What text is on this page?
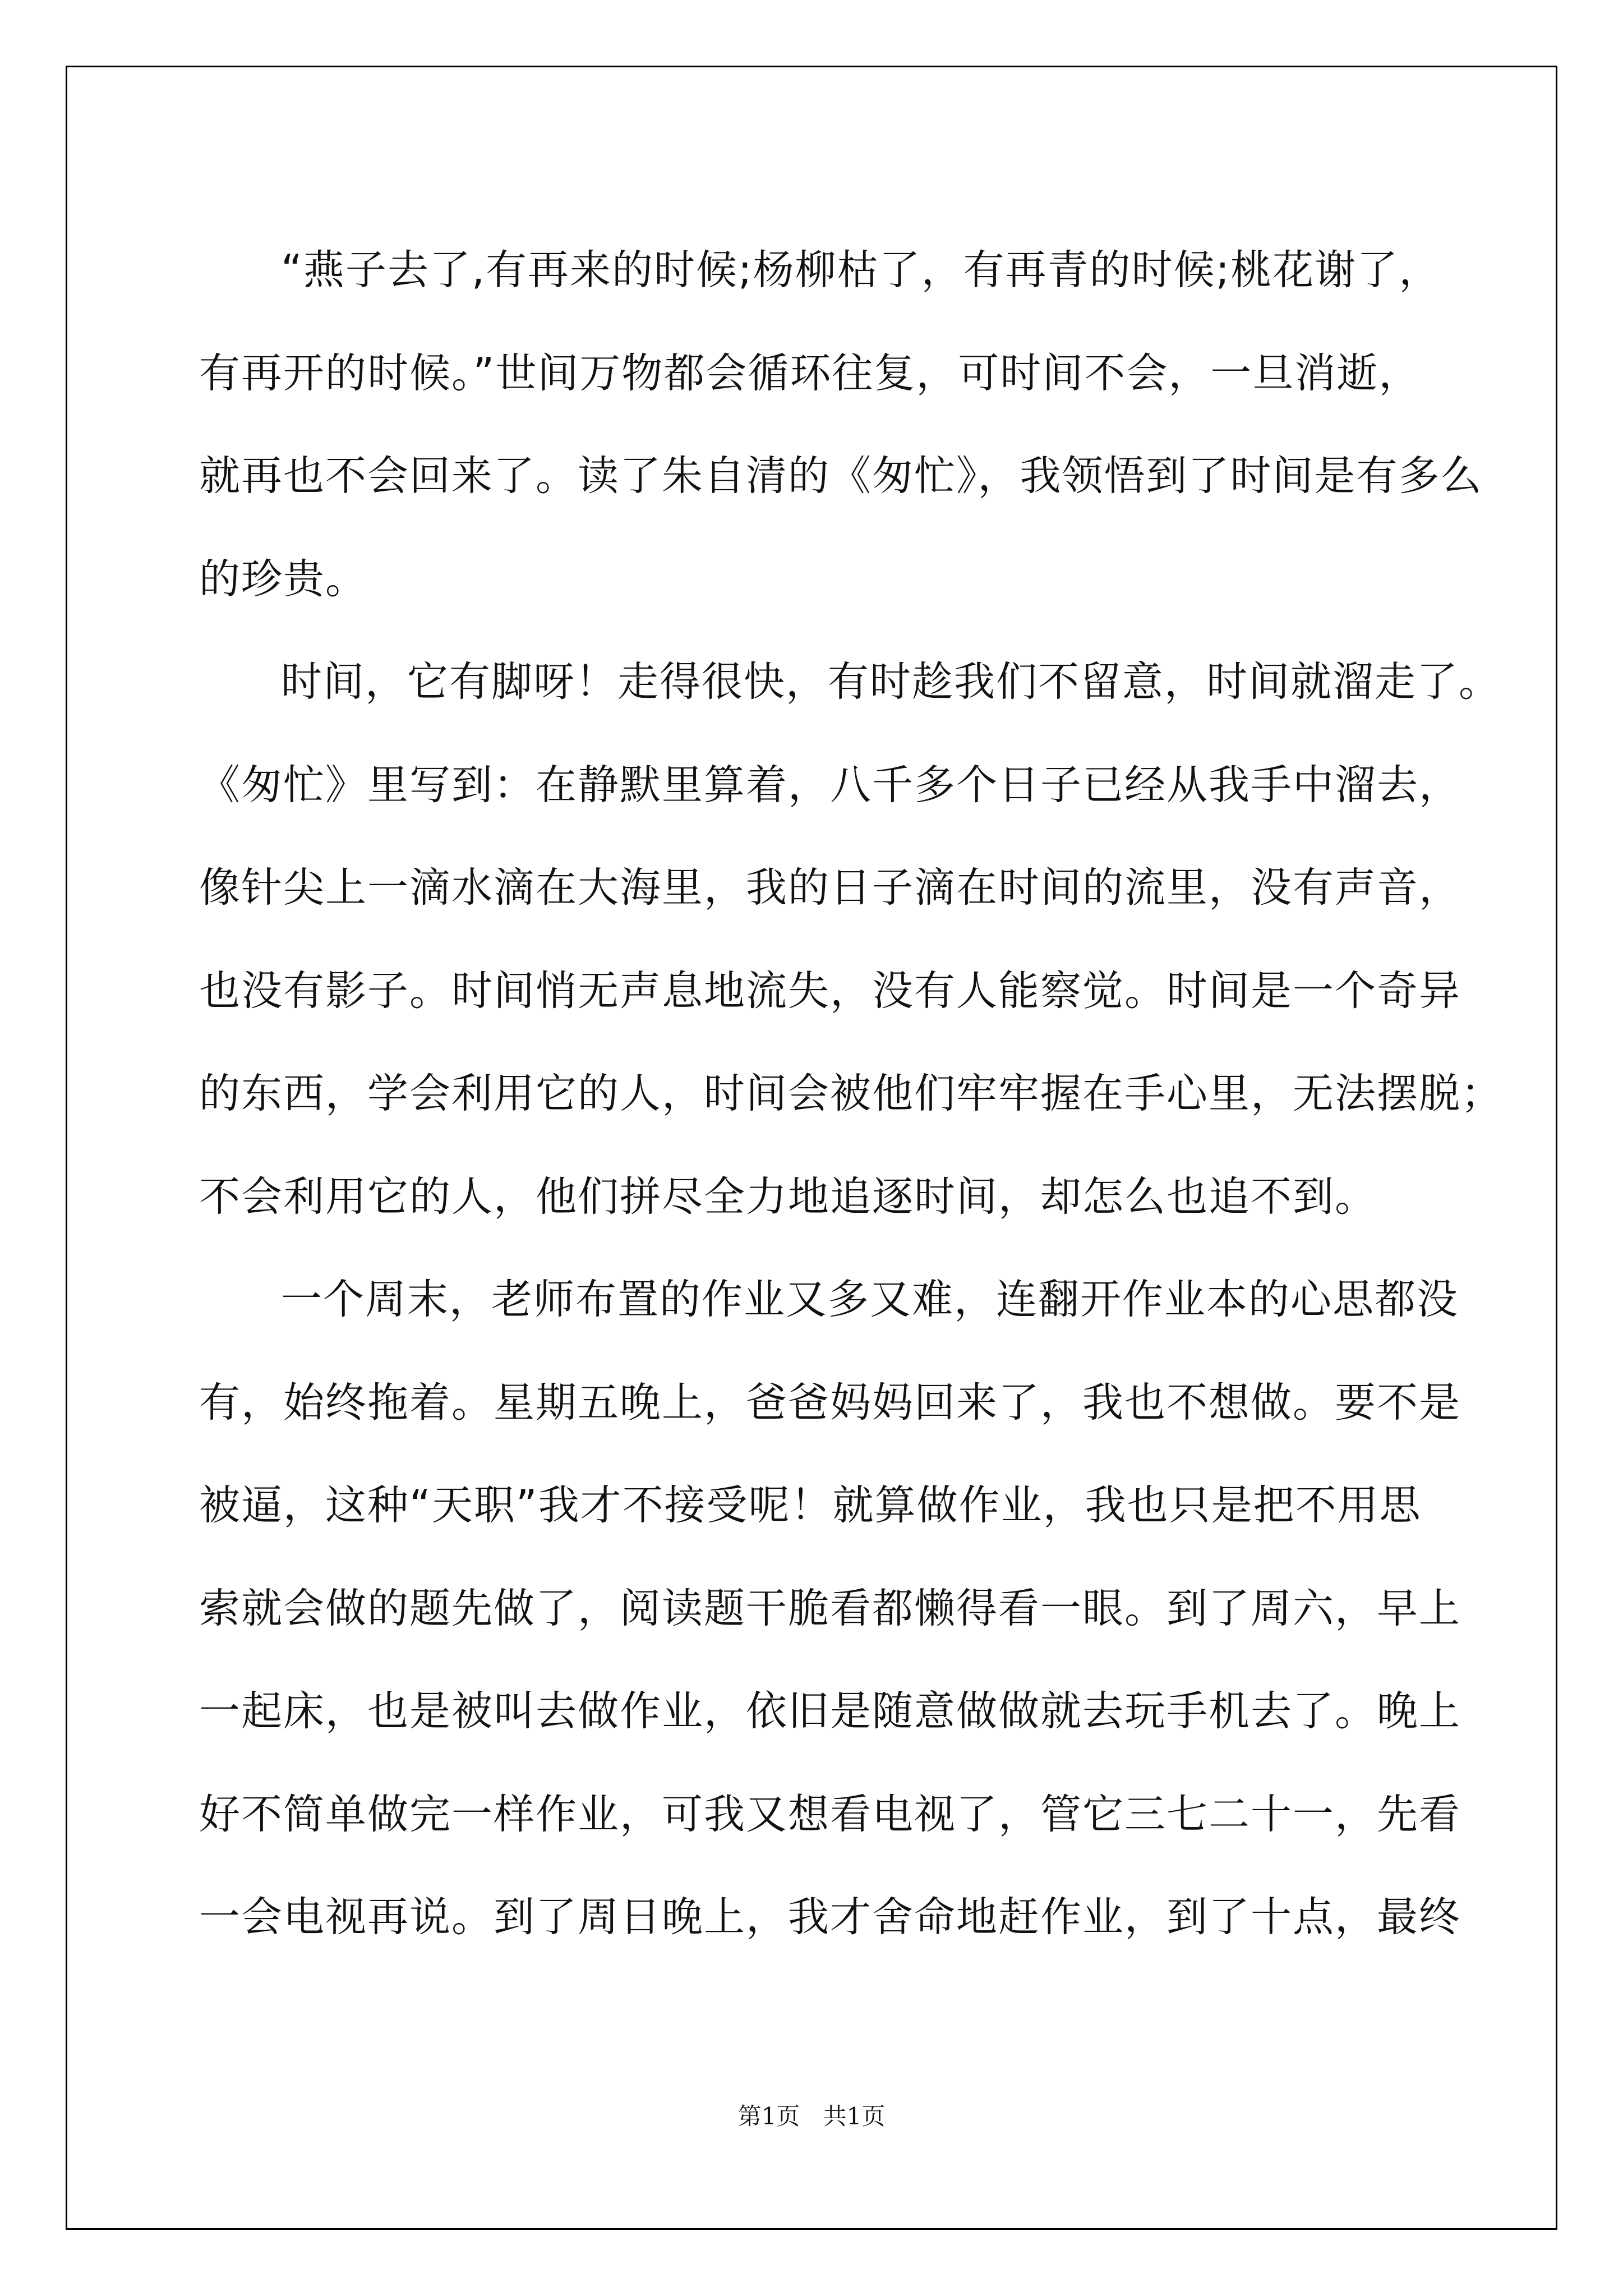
“燕子去了,有再来的时候;杨柳枯了，有再青的时候;桃花谢了，
有再开的时候。”世间万物都会循环往复，可时间不会，一旦消逝，
就再也不会回来了。读了朱自清的《匆忙》，我领悟到了时间是有多么
的珍贵。
时间，它有脚呀！走得很快，有时趁我们不留意，时间就溜走了。
《匆忙》里写到：在静默里算着，八千多个日子已经从我手中溜去，
像针尖上一滴水滴在大海里，我的日子滴在时间的流里，没有声音，
也没有影子。时间悄无声息地流失，没有人能察觉。时间是一个奇异
的东西，学会利用它的人，时间会被他们牢牢握在手心里，无法摆脱；
不会利用它的人，他们拼尽全力地追逐时间，却怎么也追不到。
一个周末，老师布置的作业又多又难，连翻开作业本的心思都没
有，始终拖着。星期五晚上，爸爸妈妈回来了，我也不想做。要不是
被逼，这种“天职”我才不接受呢！就算做作业，我也只是把不用思
索就会做的题先做了，阅读题干脆看都懒得看一眼。到了周六，早上
一起床，也是被叫去做作业，依旧是随意做做就去玩手机去了。晚上
好不简单做完一样作业，可我又想看电视了，管它三七二十一，先看
一会电视再说。到了周日晚上，我才舍命地赶作业，到了十点，最终
第1页 共1页
